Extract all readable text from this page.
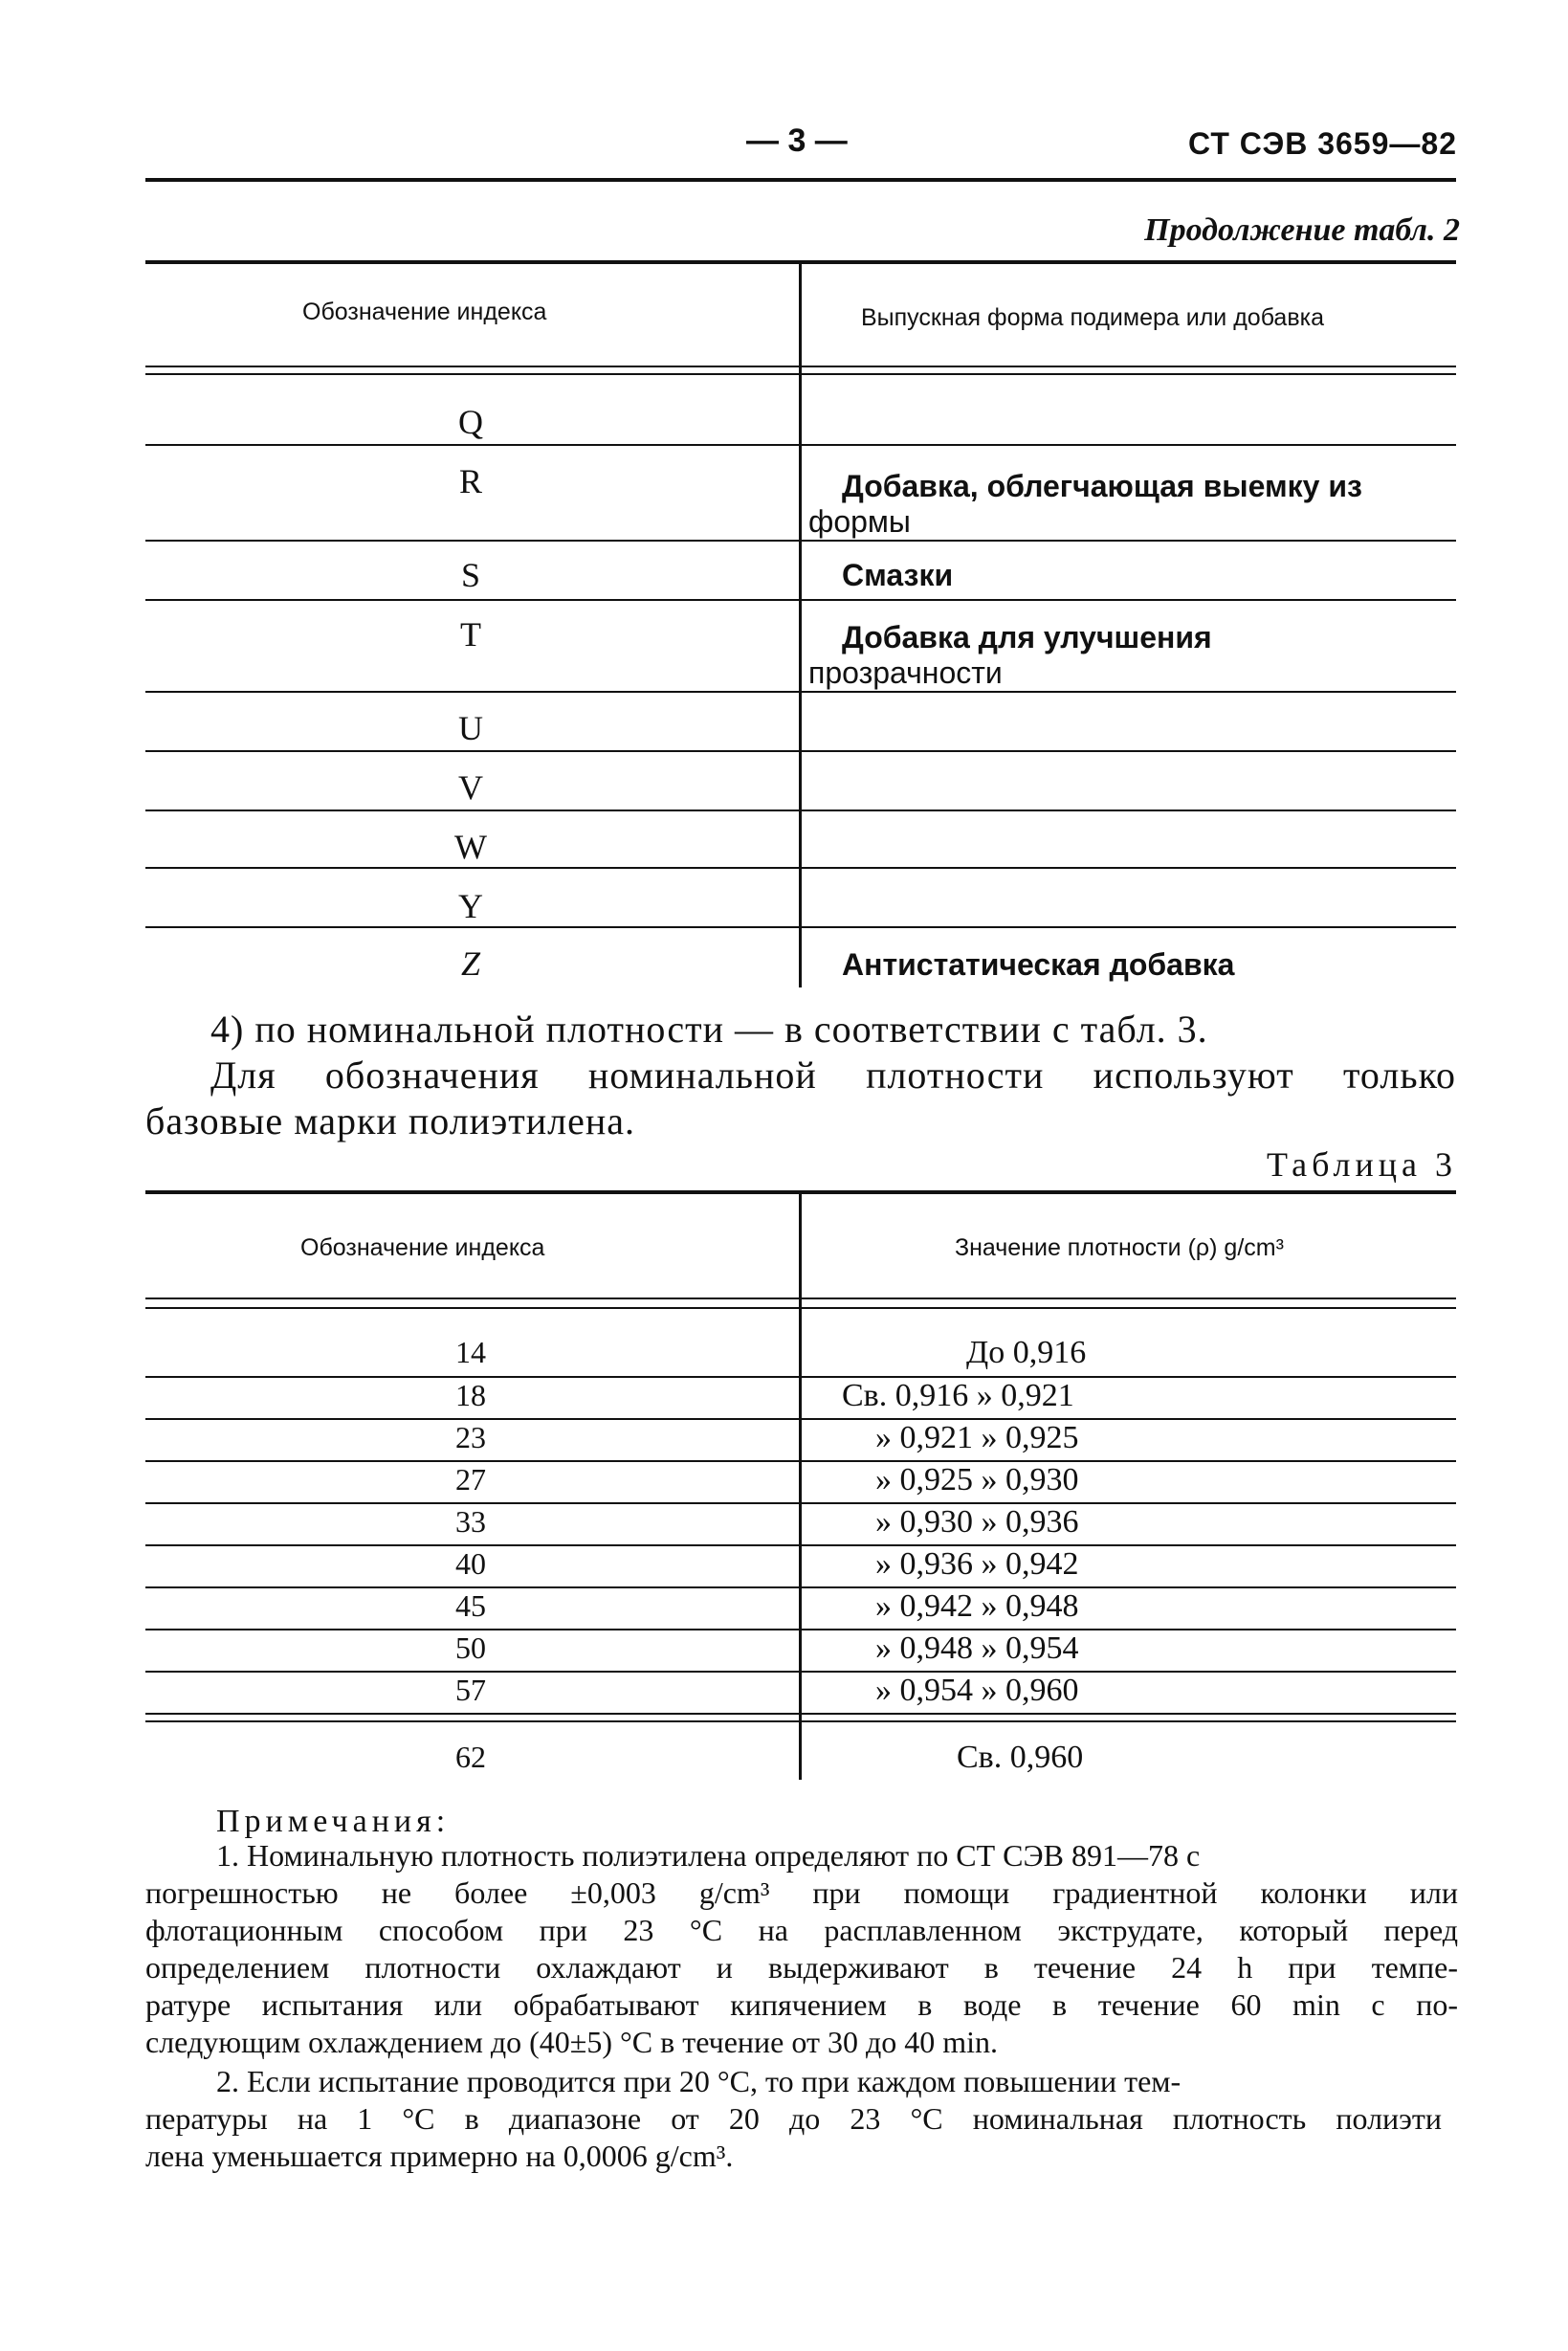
— 3 —	СТ СЭВ 3659—82
Продолжение табл. 2
Обозначение индекса	Выпускная форма подимера или добавка
Q
R	Добавка, облегчающая выемку из
формы
S	Смазки
T	Добавка для улучшения
прозрачности
U
V
W
Y
Z	Антистатическая добавка
4) по номинальной плотности — в соответствии с табл. 3.
Для обозначения номинальной плотности используют только
базовые марки полиэтилена.
Таблица 3
Обозначение индекса	Значение плотности (ρ) g/cm³
14	До 0,916
18	Св. 0,916 » 0,921
23	» 0,921 » 0,925
27	» 0,925 » 0,930
33	» 0,930 » 0,936
40	» 0,936 » 0,942
45	» 0,942 » 0,948
50	» 0,948 » 0,954
57	» 0,954 » 0,960
62	Св. 0,960
Примечания:
1. Номинальную плотность полиэтилена определяют по СТ СЭВ 891—78 с
погрешностью не более ±0,003 g/cm³ при помощи градиентной колонки или
флотационным способом при 23 °С на расплавленном экструдате, который перед
определением плотности охлаждают и выдерживают в течение 24 h при темпе-
ратуре испытания или обрабатывают кипячением в воде в течение 60 min с по-
следующим охлаждением до (40±5) °С в течение от 30 до 40 min.
2. Если испытание проводится при 20 °С, то при каждом повышении тем-
пературы на 1 °С в диапазоне от 20 до 23 °С номинальная плотность полиэти
лена уменьшается примерно на 0,0006 g/cm³.
